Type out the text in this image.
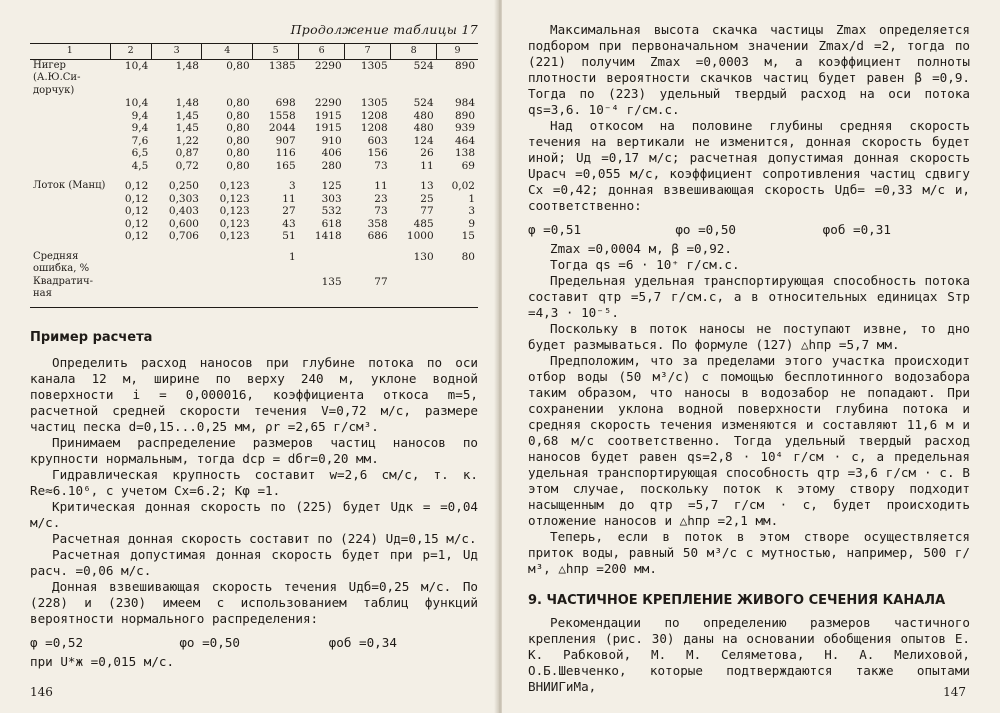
Продолжение таблицы 17
1	2	3	4	5	6	7	8	9
Нигер (А.Ю.Си-дорчук)	10,4	1,48	0,80	1385	2290	1305	524	890
	10,4	1,48	0,80	698	2290	1305	524	984
	9,4	1,45	0,80	1558	1915	1208	480	890
	9,4	1,45	0,80	2044	1915	1208	480	939
	7,6	1,22	0,80	907	910	603	124	464
	6,5	0,87	0,80	116	406	156	26	138
	4,5	0,72	0,80	165	280	73	11	69

Лоток (Манц)	0,12	0,250	0,123	3	125	11	13	0,02
	0,12	0,303	0,123	11	303	23	25	1
	0,12	0,403	0,123	27	532	73	77	3
	0,12	0,600	0,123	43	618	358	485	9
	0,12	0,706	0,123	51	1418	686	1000	15

Средняя ошибка, %				1			130	80
Квадратич-ная					135	77		
Пример расчета

Определить расход наносов при глубине потока по оси канала 12 м, ширине по верху 240 м, уклоне водной поверхности i = 0,000016, коэффициента откоса m=5, расчетной средней скорости течения V=0,72 м/с, размере частиц песка d=0,15...0,25 мм, ρr =2,65 г/см³.

Принимаем распределение размеров частиц наносов по крупности нормальным, тогда dср = dбr=0,20 мм.

Гидравлическая крупность составит w=2,6 см/с, т. к. Re≈6.10⁶, с учетом Cх=6.2; Кφ =1.

Критическая донная скорость по (225) будет Uдк = =0,04 м/с.

Расчетная донная скорость составит по (224) Uд=0,15 м/с.

Расчетная допустимая донная скорость будет при p=1, Uд расч. =0,06 м/с.

Донная взвешивающая скорость течения Uдб=0,25 м/с. По (228) и (230) имеем с использованием таблиц функций вероятности нормального распределения:

φ =0,52	φo =0,50	φoб =0,34

при U*ж =0,015 м/с.

146

Максимальная высота скачка частицы Zmax определяется подбором при первоначальном значении Zmax/d =2, тогда по (221) получим Zmax =0,0003 м, а коэффициент полноты плотности вероятности скачков частиц будет равен β =0,9. Тогда по (223) удельный твердый расход на оси потока qs=3,6. 10⁻⁴ г/см.с.

Над откосом на половине глубины средняя скорость течения на вертикали не изменится, донная скорость будет иной; Uд =0,17 м/с; расчетная допустимая донная скорость Uрасч =0,055 м/с, коэффициент сопротивления частиц сдвигу Cх =0,42; донная взвешивающая скорость Uдб= =0,33 м/с и, соответственно:

φ =0,51	φo =0,50	φoб =0,31

Zmax =0,0004 м, β =0,92.

Тогда qs =6 · 10⁺ г/см.с.

Предельная удельная транспортирующая способность потока составит qтр =5,7 г/см.с, а в относительных единицах Sтр =4,3 · 10⁻⁵.

Поскольку в поток наносы не поступают извне, то дно будет размываться. По формуле (127) △hпр =5,7 мм.

Предположим, что за пределами этого участка происходит отбор воды (50 м³/с) с помощью бесплотинного водозабора таким образом, что наносы в водозабор не попадают. При сохранении уклона водной поверхности глубина потока и средняя скорость течения изменяются и составляют 11,6 м и 0,68 м/с соответственно. Тогда удельный твердый расход наносов будет равен qs=2,8 · 10⁴ г/см · с, а предельная удельная транспортирующая способность qтр =3,6 г/см · с. В этом случае, поскольку поток к этому створу подходит насыщенным до qтр =5,7 г/см · с, будет происходить отложение наносов и △hпр =2,1 мм.

Теперь, если в поток в этом створе осуществляется приток воды, равный 50 м³/с с мутностью, например, 500 г/м³, △hпр =200 мм.

9. ЧАСТИЧНОЕ КРЕПЛЕНИЕ ЖИВОГО СЕЧЕНИЯ КАНАЛА

Рекомендации по определению размеров частичного крепления (рис. 30) даны на основании обобщения опытов Е. К. Рабковой, М. М. Селяметова, Н. А. Мелиховой, О.Б.Шевченко, которые подтверждаются также опытами ВНИИГиМа,	147
